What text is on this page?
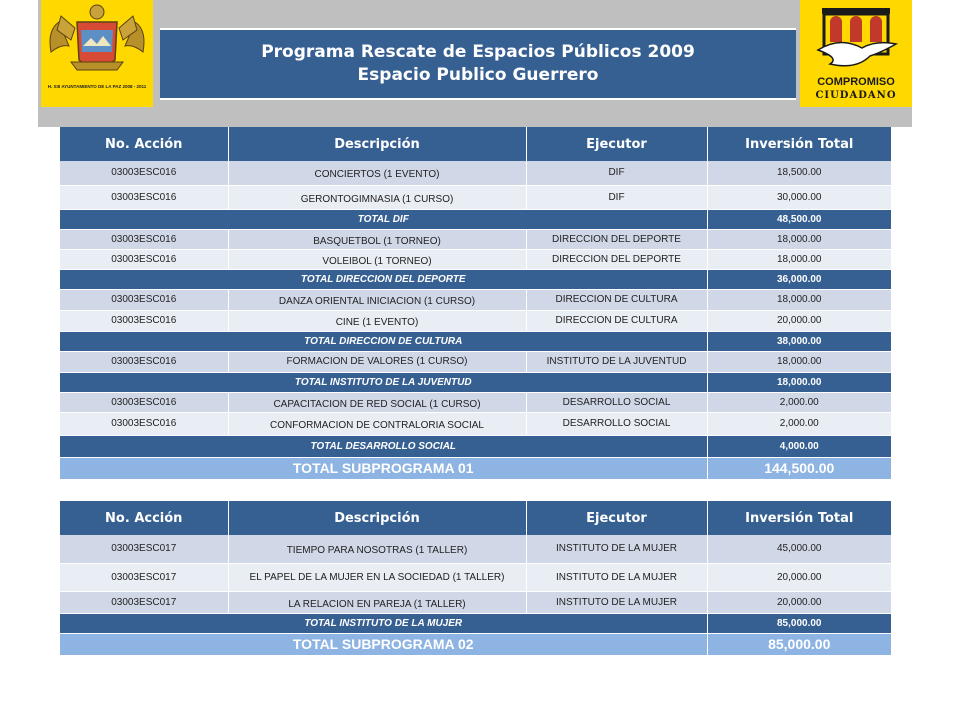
H. XIII AYUNTAMIENTO DE LA PAZ 2008 - 2011	COMPROMISO
CIUDADANO
Programa Rescate de Espacios Públicos 2009
Espacio Publico Guerrero
No. Acción	Descripción	Ejecutor	Inversión Total
03003ESC016	CONCIERTOS (1 EVENTO)	DIF	18,500.00
03003ESC016	GERONTOGIMNASIA (1 CURSO)	DIF	30,000.00
TOTAL DIF			48,500.00
03003ESC016	BASQUETBOL (1 TORNEO)	DIRECCION DEL DEPORTE	18,000.00
03003ESC016	VOLEIBOL (1 TORNEO)	DIRECCION DEL DEPORTE	18,000.00
TOTAL DIRECCION DEL DEPORTE			36,000.00
03003ESC016	DANZA ORIENTAL INICIACION (1 CURSO)	DIRECCION DE CULTURA	18,000.00
03003ESC016	CINE (1 EVENTO)	DIRECCION DE CULTURA	20,000.00
TOTAL DIRECCION DE CULTURA			38,000.00
03003ESC016	FORMACION DE VALORES (1 CURSO)	INSTITUTO DE LA JUVENTUD	18,000.00
TOTAL INSTITUTO DE LA JUVENTUD			18,000.00
03003ESC016	CAPACITACION DE RED SOCIAL (1 CURSO)	DESARROLLO SOCIAL	2,000.00
03003ESC016	CONFORMACION DE CONTRALORIA SOCIAL	DESARROLLO SOCIAL	2,000.00
TOTAL DESARROLLO SOCIAL			4,000.00
TOTAL SUBPROGRAMA 01			144,500.00
No. Acción	Descripción	Ejecutor	Inversión Total
03003ESC017	TIEMPO PARA NOSOTRAS (1 TALLER)	INSTITUTO DE LA MUJER	45,000.00
03003ESC017	EL PAPEL DE LA MUJER EN LA SOCIEDAD (1 TALLER)	INSTITUTO DE LA MUJER	20,000.00
03003ESC017	LA RELACION EN PAREJA (1 TALLER)	INSTITUTO DE LA MUJER	20,000.00
TOTAL INSTITUTO DE LA MUJER			85,000.00
TOTAL SUBPROGRAMA 02			85,000.00
